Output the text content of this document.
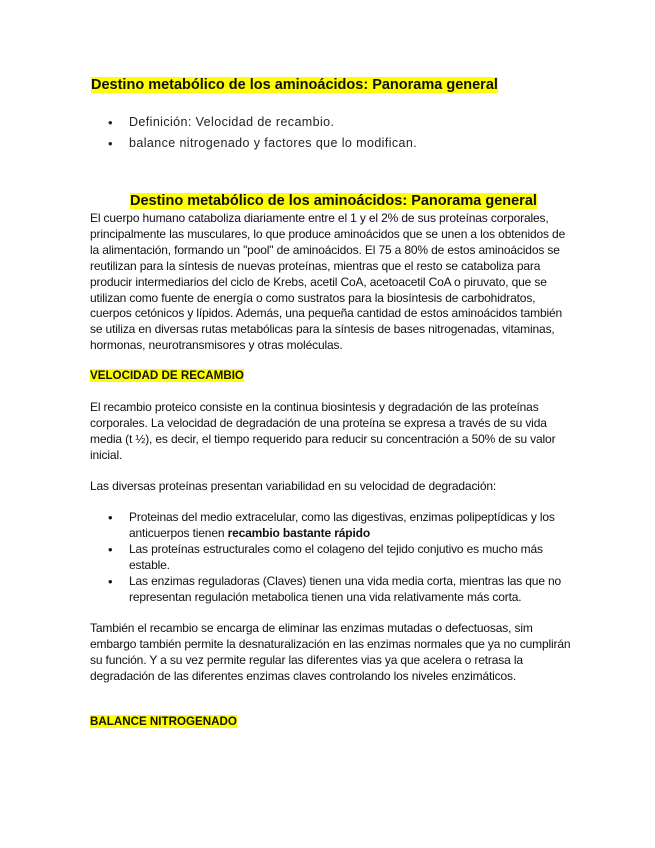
Destino metabólico de los aminoácidos: Panorama general
• Definición: Velocidad de recambio.
• balance nitrogenado y factores que lo modifican.
Destino metabólico de los aminoácidos: Panorama general

El cuerpo humano cataboliza diariamente entre el 1 y el 2% de sus proteínas corporales, principalmente las musculares, lo que produce aminoácidos que se unen a los obtenidos de la alimentación, formando un "pool" de aminoácidos. El 75 a 80% de estos aminoácidos se reutilizan para la síntesis de nuevas proteínas, mientras que el resto se cataboliza para producir intermediarios del ciclo de Krebs, acetil CoA, acetoacetil CoA o piruvato, que se utilizan como fuente de energía o como sustratos para la biosíntesis de carbohidratos, cuerpos cetónicos y lípidos. Además, una pequeña cantidad de estos aminoácidos también se utiliza en diversas rutas metabólicas para la síntesis de bases nitrogenadas, vitaminas, hormonas, neurotransmisores y otras moléculas.

VELOCIDAD DE RECAMBIO

El recambio proteico consiste en la continua biosintesis y degradación de las proteínas corporales. La velocidad de degradación de una proteína se expresa a través de su vida media (t ½), es decir, el tiempo requerido para reducir su concentración a 50% de su valor inicial.

Las diversas proteínas presentan variabilidad en su velocidad de degradación:

• Proteinas del medio extracelular, como las digestivas, enzimas polipeptídicas y los anticuerpos tienen recambio bastante rápido
• Las proteínas estructurales como el colageno del tejido conjutivo es mucho más estable.
• Las enzimas reguladoras (Claves) tienen una vida media corta, mientras las que no representan regulación metabolica tienen una vida relativamente más corta.

También el recambio se encarga de eliminar las enzimas mutadas o defectuosas, sim embargo también permite la desnaturalización en las enzimas normales que ya no cumplirán su función. Y a su vez permite regular las diferentes vias ya que acelera o retrasa la degradación de las diferentes enzimas claves controlando los niveles enzimáticos.

BALANCE NITROGENADO
